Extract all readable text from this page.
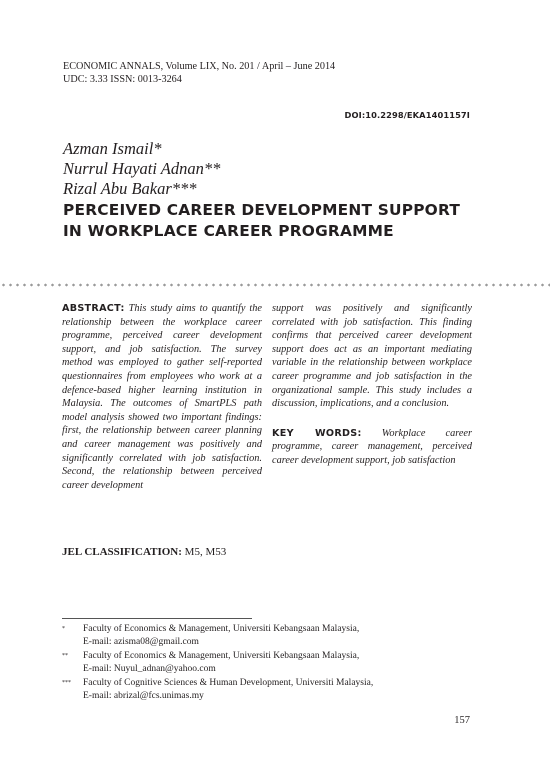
ECONOMIC ANNALS, Volume LIX, No. 201 / April – June 2014
UDC: 3.33 ISSN: 0013-3264
DOI:10.2298/EKA1401157I
Azman Ismail*
Nurrul Hayati Adnan**
Rizal Abu Bakar***
PERCEIVED CAREER DEVELOPMENT SUPPORT
IN WORKPLACE CAREER PROGRAMME
ABSTRACT: This study aims to quantify the relationship between the workplace career programme, perceived career development support, and job satisfaction. The survey method was employed to gather self-reported questionnaires from employees who work at a defence-based higher learning institution in Malaysia. The outcomes of SmartPLS path model analysis showed two important findings: first, the relationship between career planning and career management was positively and significantly correlated with job satisfaction. Second, the relationship between perceived career development
support was positively and significantly correlated with job satisfaction. This finding confirms that perceived career development support does act as an important mediating variable in the relationship between workplace career programme and job satisfaction in the organizational sample. This study includes a discussion, implications, and a conclusion.
KEY WORDS: Workplace career programme, career management, perceived career development support, job satisfaction
JEL CLASSIFICATION: M5, M53
*	Faculty of Economics & Management, Universiti Kebangsaan Malaysia,
E-mail: azisma08@gmail.com
**	Faculty of Economics & Management, Universiti Kebangsaan Malaysia,
E-mail: Nuyul_adnan@yahoo.com
***	Faculty of Cognitive Sciences & Human Development, Universiti Malaysia,
E-mail: abrizal@fcs.unimas.my
157
